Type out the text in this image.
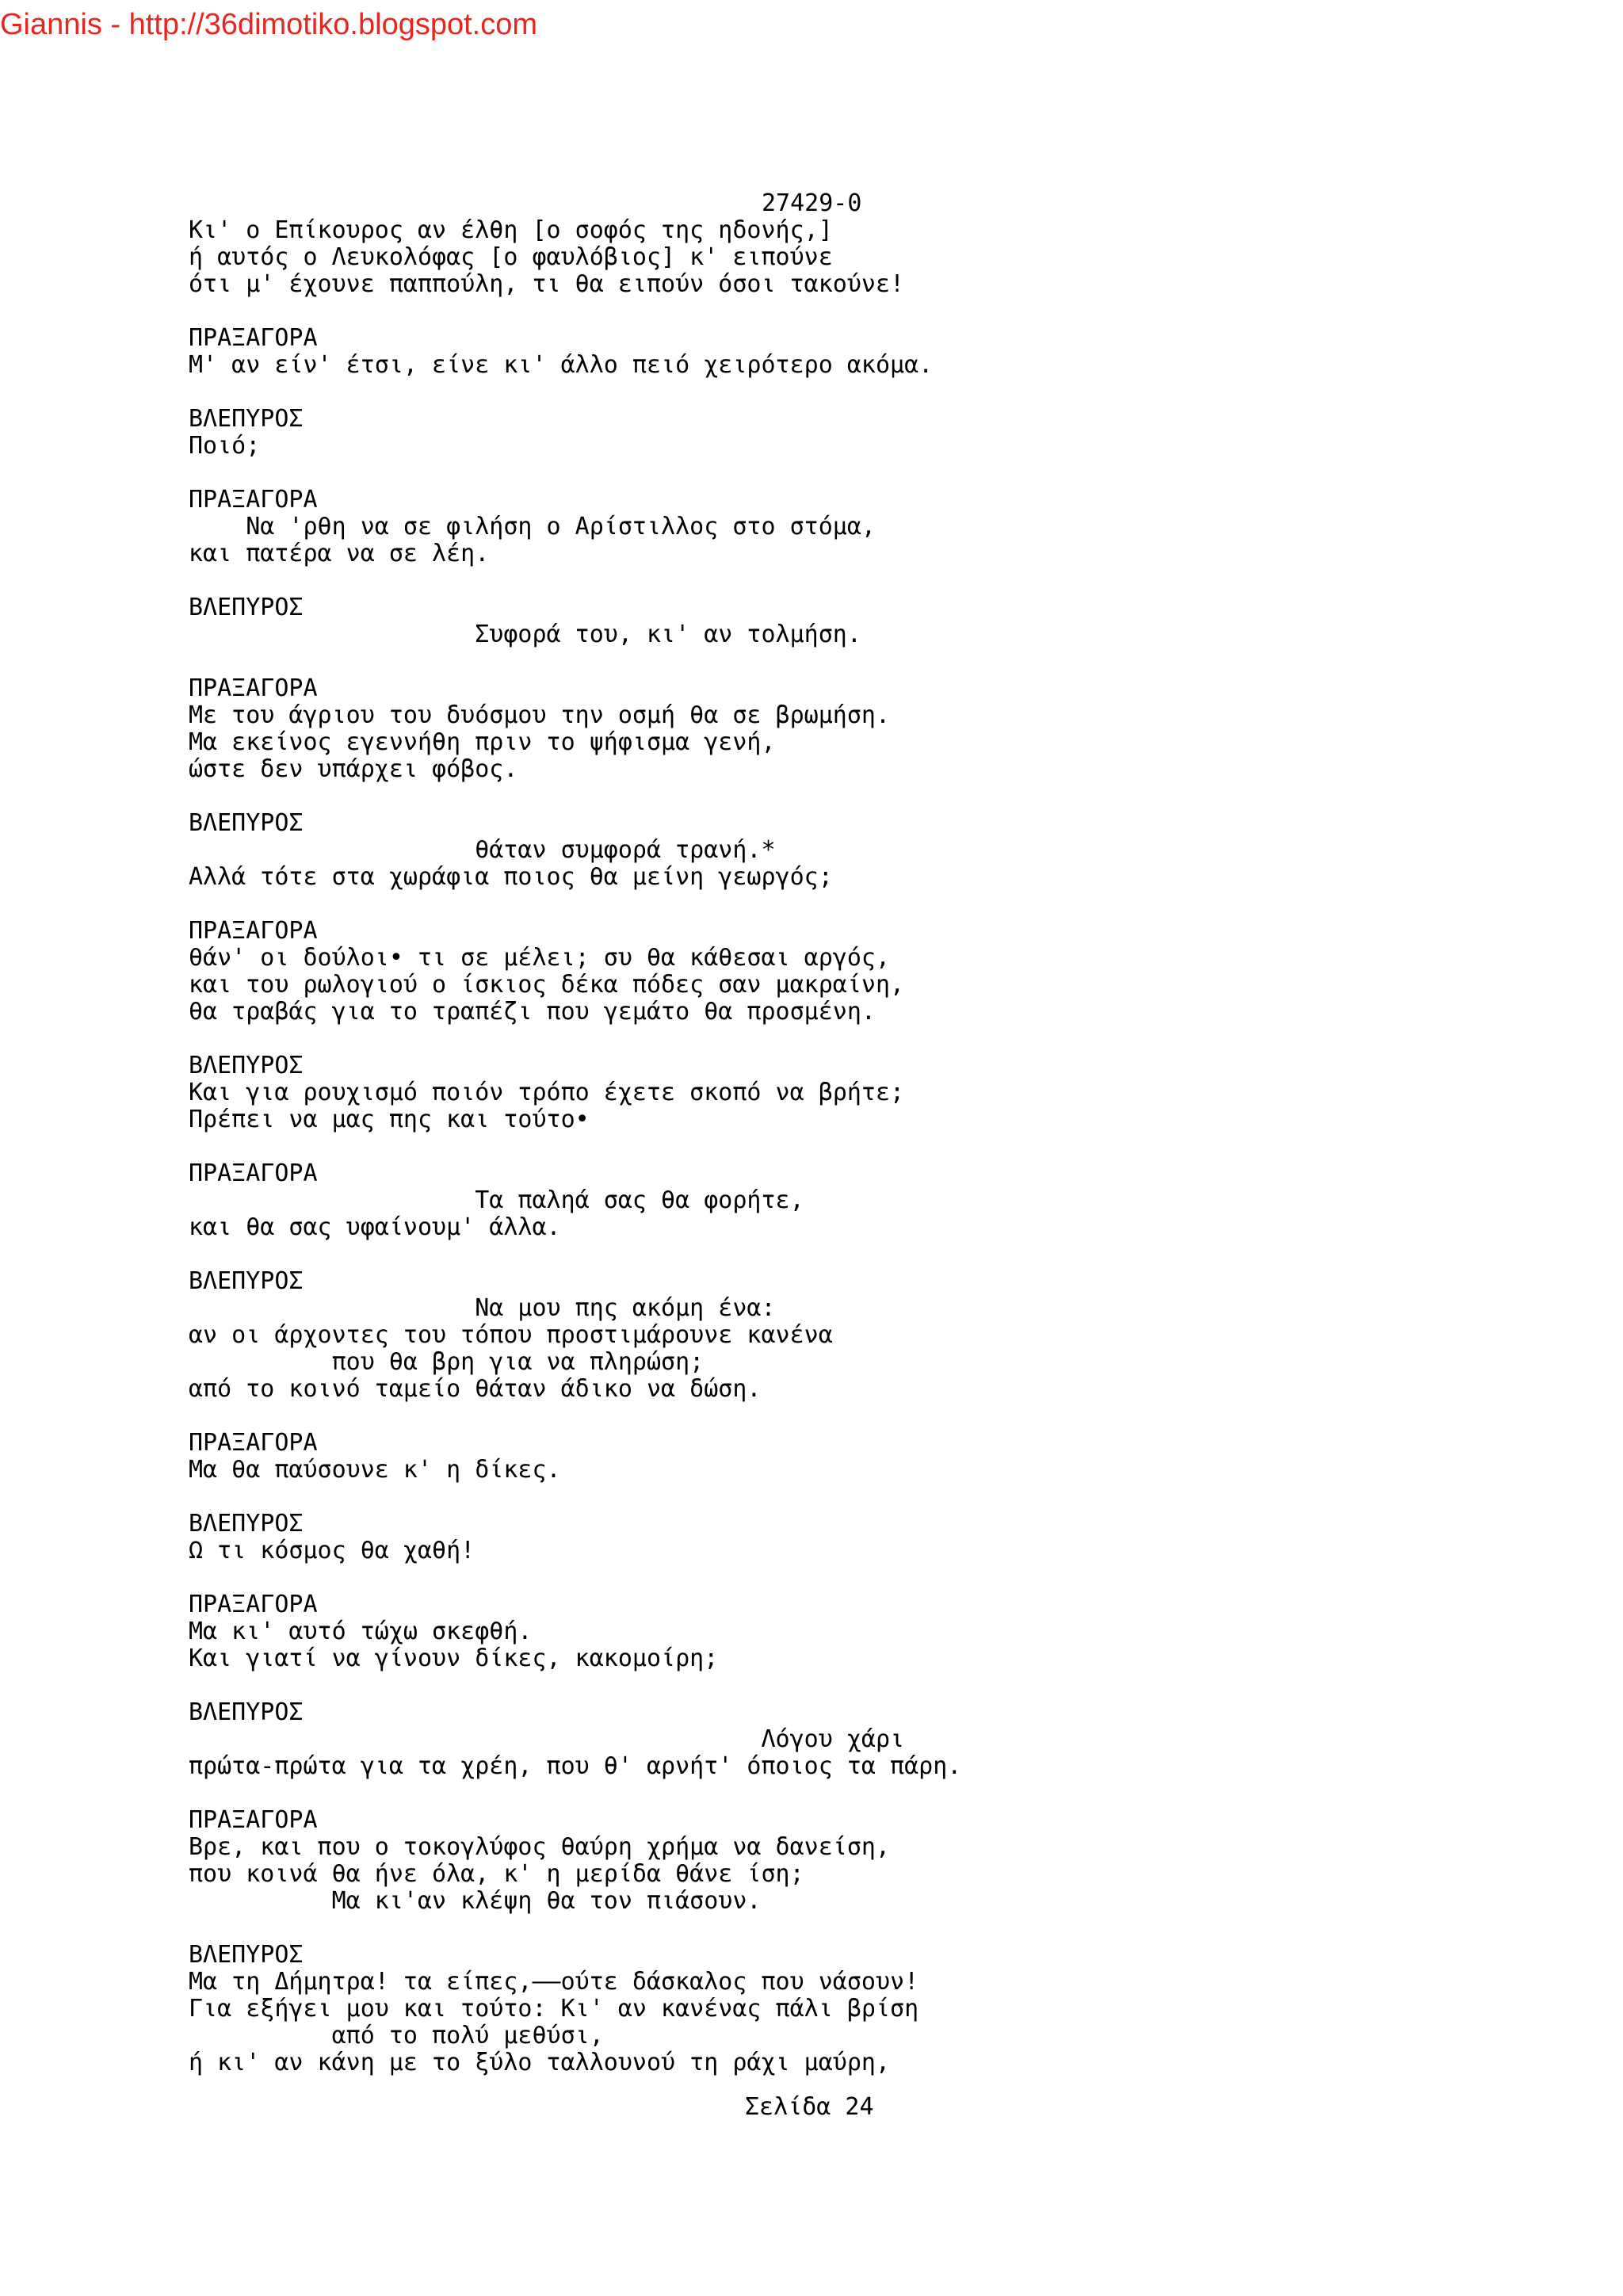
Giannis - http://36dimotiko.blogspot.com
27429-0
Κι' ο Επίκουρος αν έλθη [ο σοφός της ηδονής,]
ή αυτός ο Λευκολόφας [ο φαυλόβιος] κ' ειπούνε
ότι μ' έχουνε παππούλη, τι θα ειπούν όσοι τακούνε!
ΠΡΑΞΑΓΟΡΑ
Μ' αν είν' έτσι, είνε κι' άλλο πειό χειρότερο ακόμα.
ΒΛΕΠΥΡΟΣ
Ποιό;
ΠΡΑΞΑΓΟΡΑ
Να 'ρθη να σε φιλήση ο Αρίστιλλος στο στόμα,
και πατέρα να σε λέη.
ΒΛΕΠΥΡΟΣ
Συφορά του, κι' αν τολμήση.
ΠΡΑΞΑΓΟΡΑ
Με του άγριου του δυόσμου την οσμή θα σε βρωμήση.
Μα εκείνος εγεννήθη πριν το ψήφισμα γενή,
ώστε δεν υπάρχει φόβος.
ΒΛΕΠΥΡΟΣ
θάταν συμφορά τρανή.*
Αλλά τότε στα χωράφια ποιος θα μείνη γεωργός;
ΠΡΑΞΑΓΟΡΑ
θάν' οι δούλοι• τι σε μέλει; συ θα κάθεσαι αργός,
και του ρωλογιού ο ίσκιος δέκα πόδες σαν μακραίνη,
θα τραβάς για το τραπέζι που γεμάτο θα προσμένη.
ΒΛΕΠΥΡΟΣ
Και για ρουχισμό ποιόν τρόπο έχετε σκοπό να βρήτε;
Πρέπει να μας πης και τούτο•
ΠΡΑΞΑΓΟΡΑ
Τα παληά σας θα φορήτε,
και θα σας υφαίνουμ' άλλα.
ΒΛΕΠΥΡΟΣ
Να μου πης ακόμη ένα:
αν οι άρχοντες του τόπου προστιμάρουνε κανένα
που θα βρη για να πληρώση;
από το κοινό ταμείο θάταν άδικο να δώση.
ΠΡΑΞΑΓΟΡΑ
Μα θα παύσουνε κ' η δίκες.
ΒΛΕΠΥΡΟΣ
Ω τι κόσμος θα χαθή!
ΠΡΑΞΑΓΟΡΑ
Μα κι' αυτό τώχω σκεφθή.
Και γιατί να γίνουν δίκες, κακομοίρη;
ΒΛΕΠΥΡΟΣ
Λόγου χάρι
πρώτα-πρώτα για τα χρέη, που θ' αρνήτ' όποιος τα πάρη.
ΠΡΑΞΑΓΟΡΑ
Βρε, και που ο τοκογλύφος θαύρη χρήμα να δανείση,
που κοινά θα ήνε όλα, κ' η μερίδα θάνε ίση;
Μα κι'αν κλέψη θα τον πιάσουν.
ΒΛΕΠΥΡΟΣ
Μα τη Δήμητρα! τα είπες,——ούτε δάσκαλος που νάσουν!
Για εξήγει μου και τούτο: Κι' αν κανένας πάλι βρίση
από το πολύ μεθύσι,
ή κι' αν κάνη με το ξύλο ταλλουνού τη ράχι μαύρη,
Σελίδα 24
